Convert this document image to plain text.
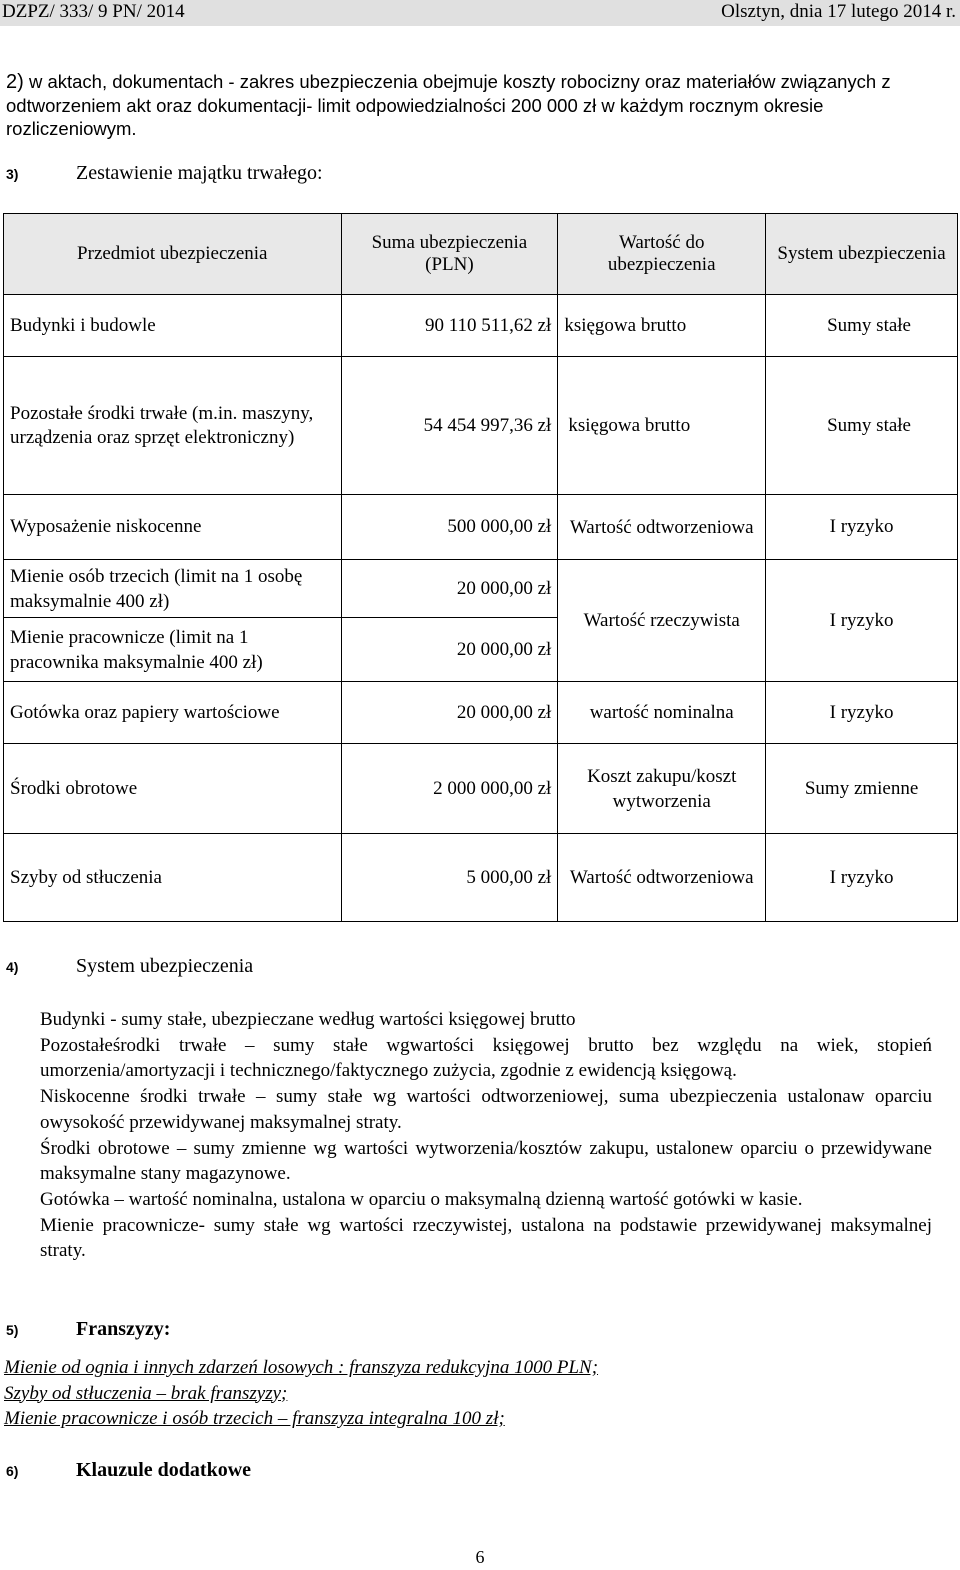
DZPZ/ 333/ 9 PN/ 2014	Olsztyn, dnia 17 lutego 2014 r.
2) w aktach, dokumentach - zakres ubezpieczenia obejmuje koszty robocizny oraz materiałów związanych z odtworzeniem akt oraz dokumentacji- limit odpowiedzialności 200 000 zł w każdym rocznym okresie rozliczeniowym.
3)	Zestawienie majątku trwałego:
Przedmiot ubezpieczenia	Suma ubezpieczenia (PLN)	Wartość do ubezpieczenia	System ubezpieczenia
Budynki i budowle	90 110 511,62 zł	księgowa brutto	Sumy stałe
Pozostałe środki trwałe (m.in. maszyny, urządzenia oraz sprzęt elektroniczny)	54 454 997,36 zł	księgowa brutto	Sumy stałe
Wyposażenie niskocenne	500 000,00 zł	Wartość odtworzeniowa	I ryzyko
Mienie osób trzecich (limit na 1 osobę maksymalnie 400 zł)	20 000,00 zł	Wartość rzeczywista	I ryzyko
Mienie pracownicze (limit na 1 pracownika maksymalnie 400 zł)	20 000,00 zł		
Gotówka oraz papiery wartościowe	20 000,00 zł	wartość nominalna	I ryzyko
Środki obrotowe	2 000 000,00 zł	Koszt zakupu/koszt wytworzenia	Sumy zmienne
Szyby od stłuczenia	5 000,00 zł	Wartość odtworzeniowa	I ryzyko
4)	System ubezpieczenia

Budynki - sumy stałe, ubezpieczane według wartości księgowej brutto

Pozostałeśrodki trwałe – sumy stałe wgwartości księgowej brutto bez względu na wiek, stopień umorzenia/amortyzacji i technicznego/faktycznego zużycia, zgodnie z ewidencją księgową.

Niskocenne środki trwałe – sumy stałe wg wartości odtworzeniowej, suma ubezpieczenia ustalonaw oparciu owysokość przewidywanej maksymalnej straty.

Środki obrotowe – sumy zmienne wg wartości wytworzenia/kosztów zakupu, ustalonew oparciu o przewidywane maksymalne stany magazynowe.

Gotówka – wartość nominalna, ustalona w oparciu o maksymalną dzienną wartość gotówki w kasie.

Mienie pracownicze- sumy stałe wg wartości rzeczywistej, ustalona na podstawie przewidywanej maksymalnej straty.

5)	Franszyzy:

Mienie od ognia i innych zdarzeń losowych : franszyza redukcyjna 1000 PLN;

Szyby od stłuczenia – brak franszyzy;

Mienie pracownicze i osób trzecich – franszyza integralna 100 zł;

6)	Klauzule dodatkowe
6
